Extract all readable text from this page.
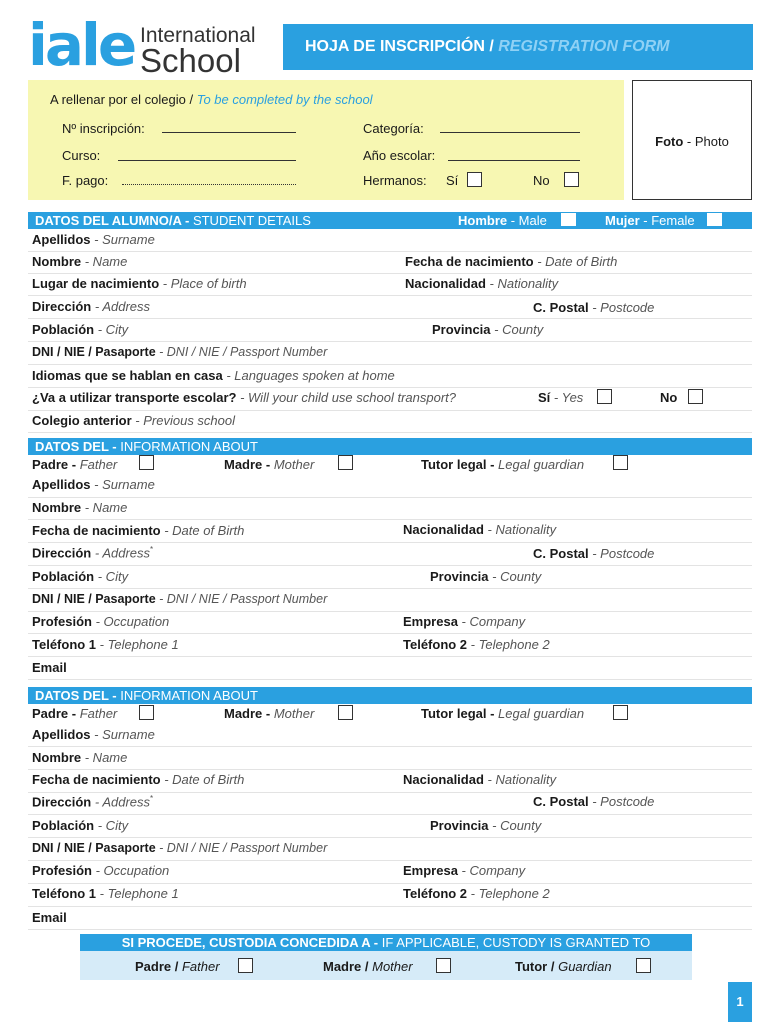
iale International
School	HOJA DE INSCRIPCIÓN / REGISTRATION FORM
A rellenar por el colegio / To be completed by the school
Nº inscripción:
Curso:
F. pago:
Categoría:
Año escolar:
Hermanos: Sí	No
Foto - Photo
DATOS DEL ALUMNO/A - STUDENT DETAILS	Hombre - Male	Mujer - Female
Apellidos - Surname
Nombre - Name	Fecha de nacimiento - Date of Birth
Lugar de nacimiento - Place of birth	Nacionalidad - Nationality
Dirección - Address	C. Postal - Postcode
Población - City	Provincia - County
DNI / NIE / Pasaporte - DNI / NIE / Passport Number
Idiomas que se hablan en casa - Languages spoken at home
¿Va a utilizar transporte escolar? - Will your child use school transport?	Sí - Yes	No
Colegio anterior - Previous school
DATOS DEL - INFORMATION ABOUT
Padre - Father	Madre - Mother	Tutor legal - Legal guardian
Apellidos - Surname
Nombre - Name
Fecha de nacimiento - Date of Birth	Nacionalidad - Nationality
Dirección - Address*	C. Postal - Postcode
Población - City	Provincia - County
DNI / NIE / Pasaporte - DNI / NIE / Passport Number
Profesión - Occupation	Empresa - Company
Teléfono 1 - Telephone 1	Teléfono 2 - Telephone 2
Email
DATOS DEL - INFORMATION ABOUT
Padre - Father	Madre - Mother	Tutor legal - Legal guardian
Apellidos - Surname
Nombre - Name
Fecha de nacimiento - Date of Birth	Nacionalidad - Nationality
Dirección - Address*	C. Postal - Postcode
Población - City	Provincia - County
DNI / NIE / Pasaporte - DNI / NIE / Passport Number
Profesión - Occupation	Empresa - Company
Teléfono 1 - Telephone 1	Teléfono 2 - Telephone 2
Email
SI PROCEDE, CUSTODIA CONCEDIDA A - IF APPLICABLE, CUSTODY IS GRANTED TO
Padre / Father	Madre / Mother	Tutor / Guardian
1
